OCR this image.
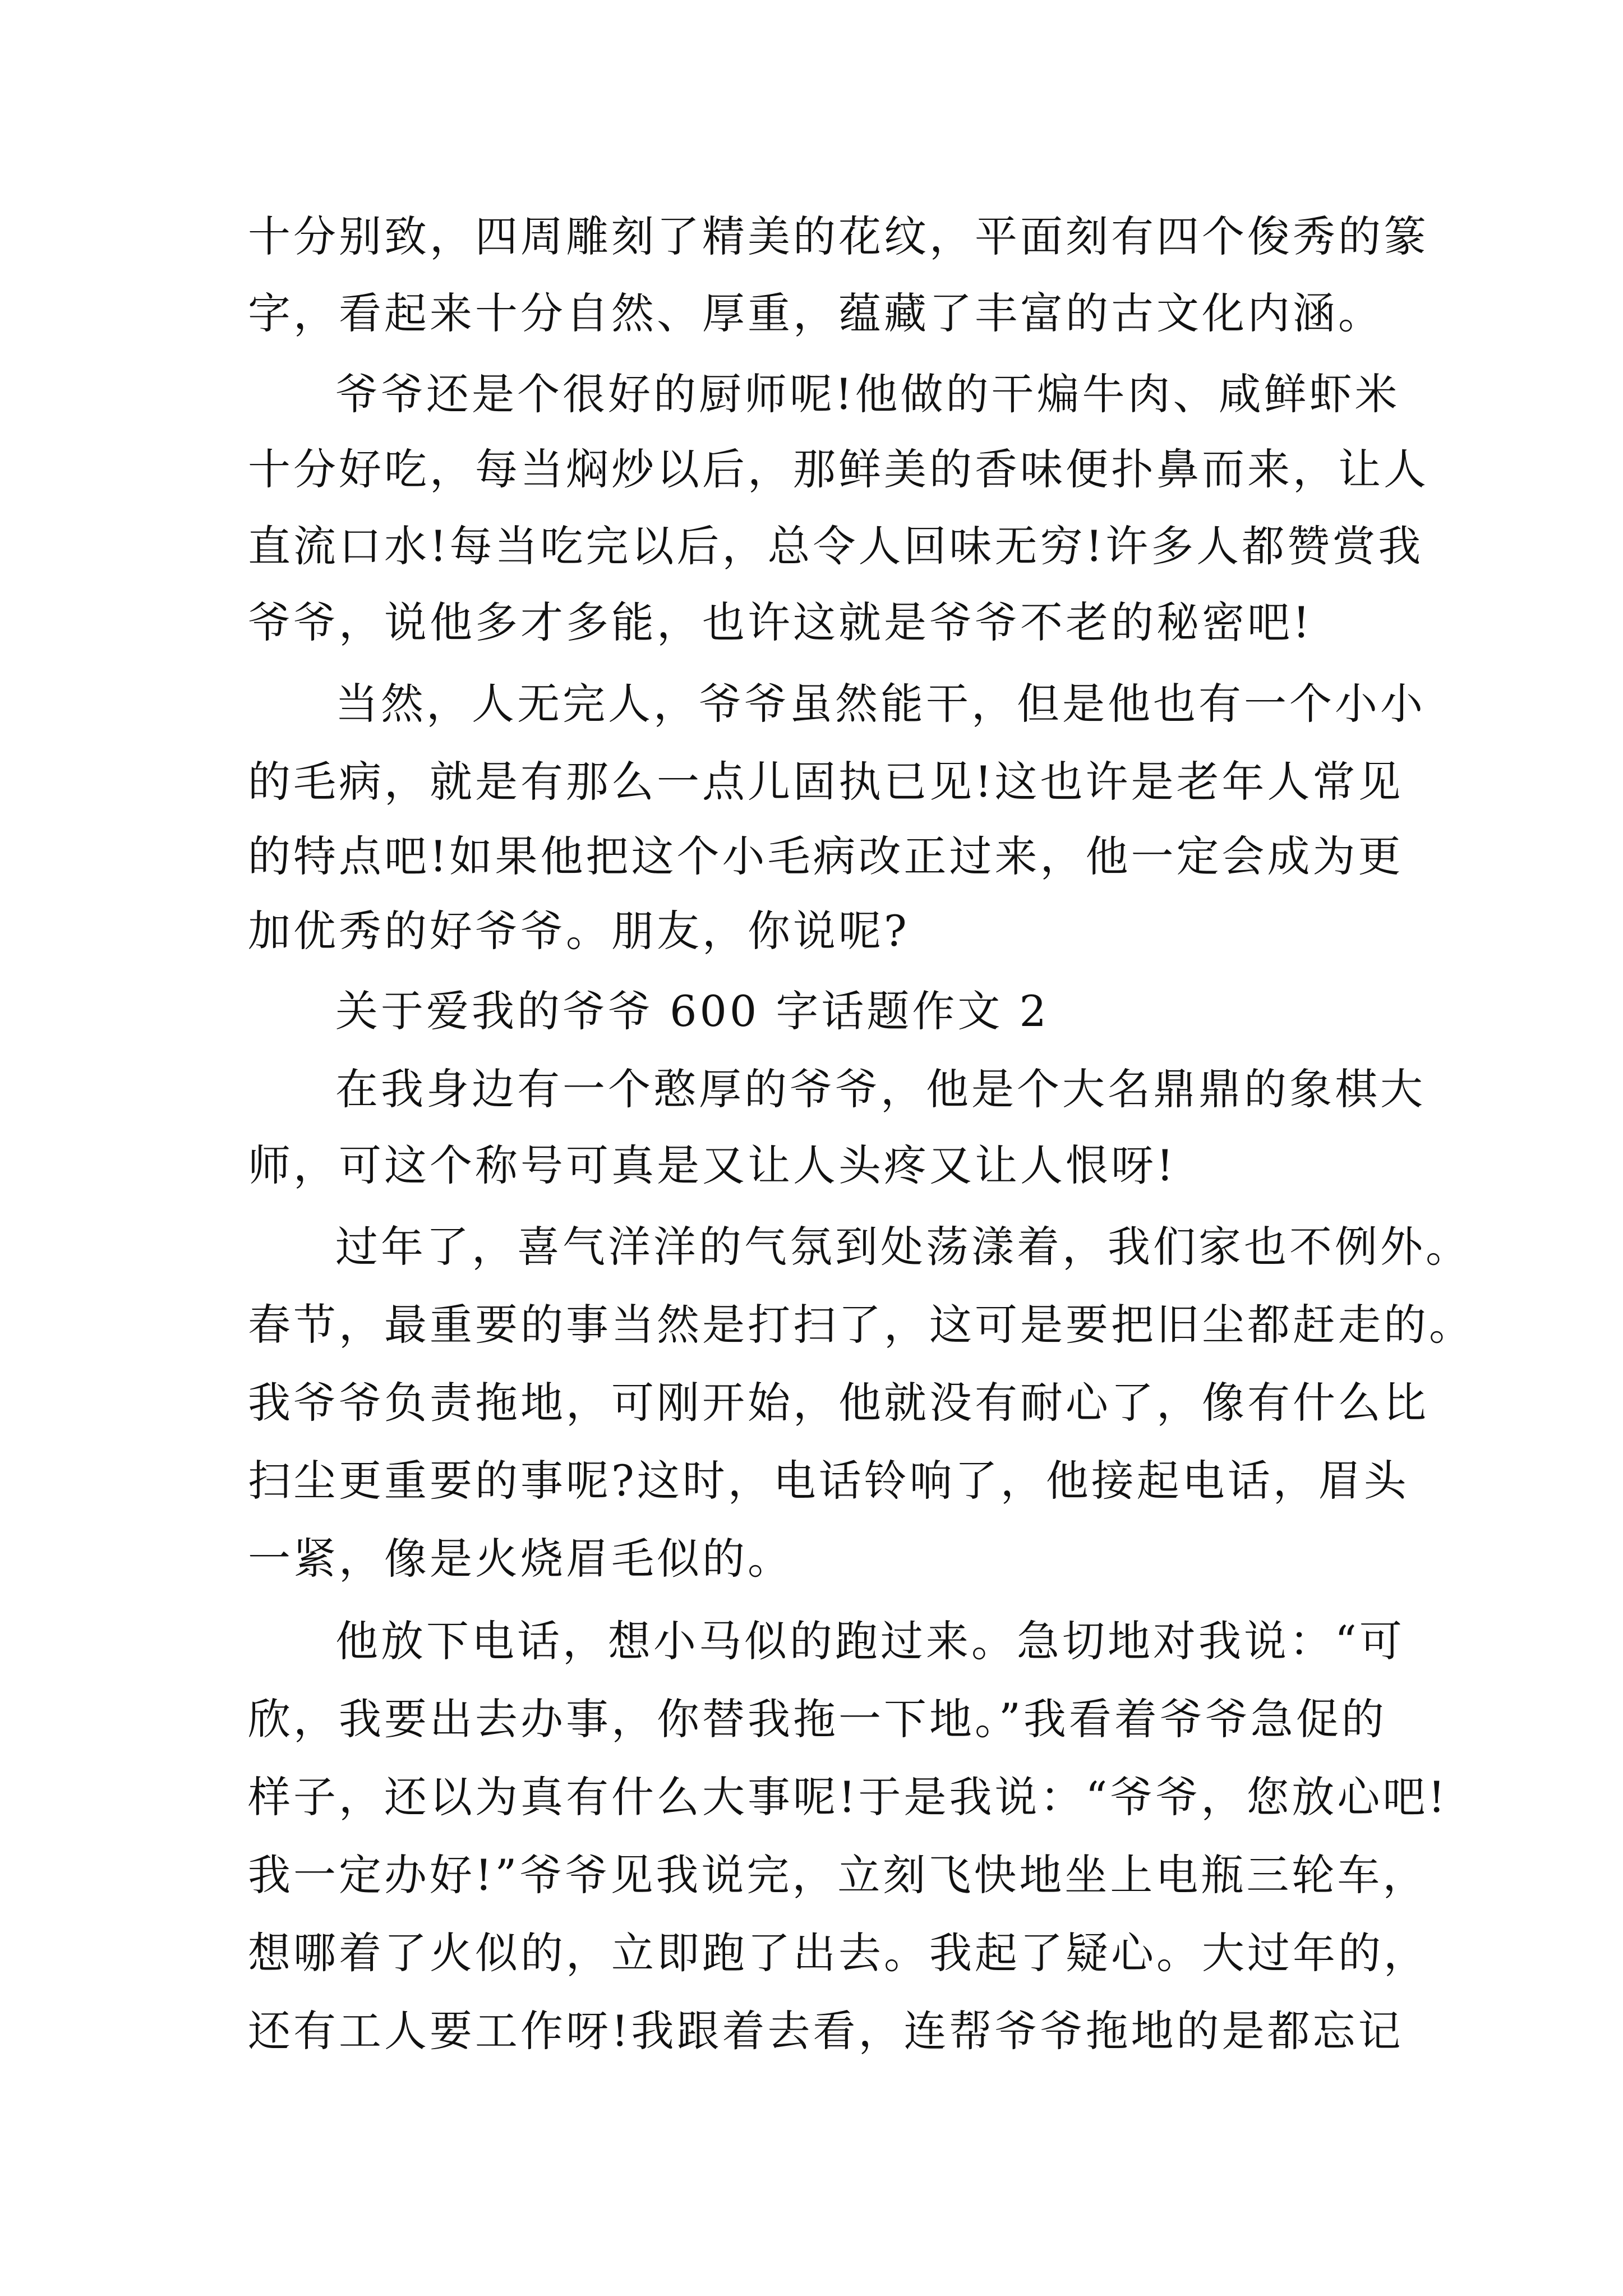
十分别致，四周雕刻了精美的花纹，平面刻有四个俊秀的篆
字，看起来十分自然、厚重，蕴藏了丰富的古文化内涵。
爷爷还是个很好的厨师呢!他做的干煸牛肉、咸鲜虾米
十分好吃，每当焖炒以后，那鲜美的香味便扑鼻而来，让人
直流口水!每当吃完以后，总令人回味无穷!许多人都赞赏我
爷爷，说他多才多能，也许这就是爷爷不老的秘密吧!
当然，人无完人，爷爷虽然能干，但是他也有一个小小
的毛病，就是有那么一点儿固执已见!这也许是老年人常见
的特点吧!如果他把这个小毛病改正过来，他一定会成为更
加优秀的好爷爷。朋友，你说呢?
关于爱我的爷爷 600 字话题作文 2
在我身边有一个憨厚的爷爷，他是个大名鼎鼎的象棋大
师，可这个称号可真是又让人头疼又让人恨呀!
过年了，喜气洋洋的气氛到处荡漾着，我们家也不例外。
春节，最重要的事当然是打扫了，这可是要把旧尘都赶走的。
我爷爷负责拖地，可刚开始，他就没有耐心了，像有什么比
扫尘更重要的事呢?这时，电话铃响了，他接起电话，眉头
一紧，像是火烧眉毛似的。
他放下电话，想小马似的跑过来。急切地对我说：“可
欣，我要出去办事，你替我拖一下地。”我看着爷爷急促的
样子，还以为真有什么大事呢!于是我说：“爷爷，您放心吧!
我一定办好!”爷爷见我说完，立刻飞快地坐上电瓶三轮车，
想哪着了火似的，立即跑了出去。我起了疑心。大过年的，
还有工人要工作呀!我跟着去看，连帮爷爷拖地的是都忘记
